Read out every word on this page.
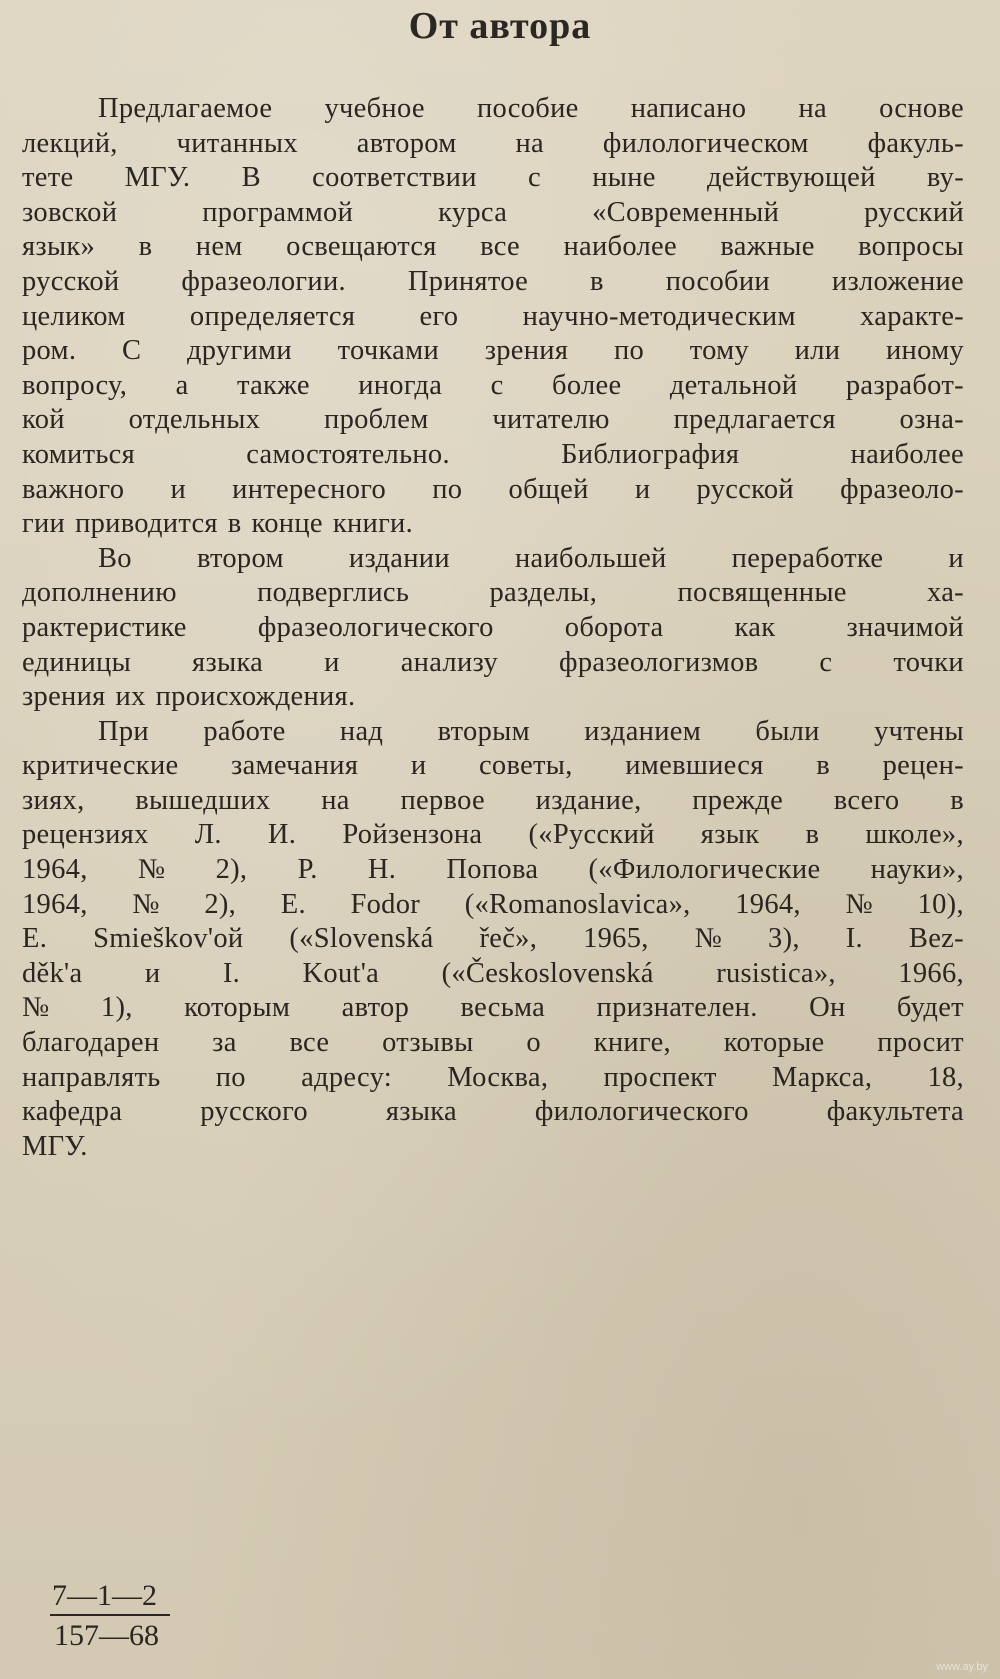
От автора
Предлагаемое учебное пособие написано на основе
лекций, читанных автором на филологическом факуль-
тете МГУ. В соответствии с ныне действующей ву-
зовской	программой	курса	«Современный	русский
язык» в нем освещаются все наиболее важные вопросы
русской фразеологии. Принятое в пособии изложение
целиком определяется его научно-методическим характе-
ром. С другими точками зрения по тому или иному
вопросу, а также иногда с более детальной разработ-
кой отдельных проблем читателю предлагается озна-
комиться	самостоятельно.	Библиография	наиболее
важного и интересного по общей и русской фразеоло-
гии приводится в конце книги.
Во втором издании наибольшей переработке и
дополнению	подверглись	разделы,	посвященные	ха-
рактеристике фразеологического оборота как значимой
единицы языка и анализу фразеологизмов с точки
зрения их происхождения.
При работе над вторым изданием были учтены
критические замечания и советы, имевшиеся в рецен-
зиях, вышедших на первое издание, прежде всего в
рецензиях Л. И. Ройзензона («Русский язык в школе»,
1964, № 2), Р. Н. Попова («Филологические науки»,
1964, № 2), E. Fodor («Romanoslavica», 1964, № 10),
E. Smieškov'oй («Slovenská řeč», 1965, № 3), I. Bez-
děk'a и I. Kout'a («Československá rusistica», 1966,
№ 1), которым автор весьма признателен. Он будет
благодарен за все отзывы о книге, которые просит
направлять по адресу: Москва, проспект Маркса, 18,
кафедра	русского	языка	филологического	факультета
МГУ.
$\frac{7—1—2}{157—68}$
www.ay.by
